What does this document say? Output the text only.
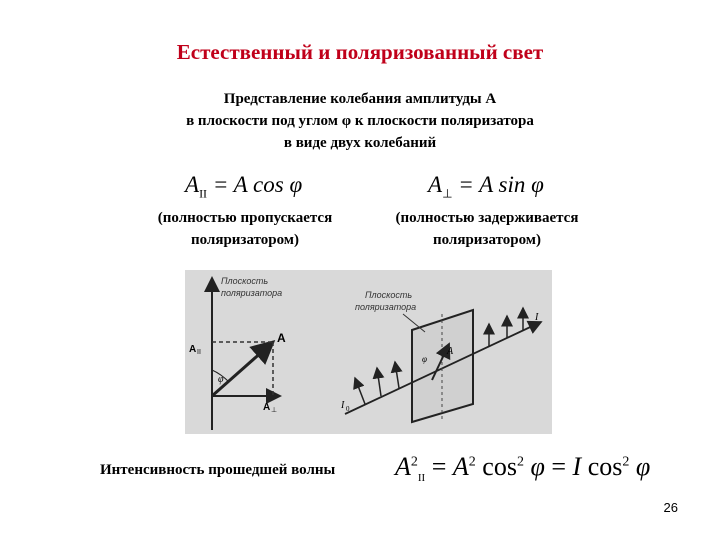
Естественный и поляризованный свет
Представление колебания амплитуды A
в плоскости под углом φ к плоскости поляризатора
в виде двух колебаний
$A_{II} = A$ cos φ	$A_\perp = A$ sin φ
(полностью пропускается
поляризатором)
(полностью задерживается
поляризатором)
Плоскость
поляризатора
A
A II
φ
A ⊥
Плоскость
поляризатора
A
φ
I
I 0
Интенсивность прошедшей волны $A^2_{II} = A^2$ $\cos^2 \varphi = I$ $\cos^2 \varphi$
26
